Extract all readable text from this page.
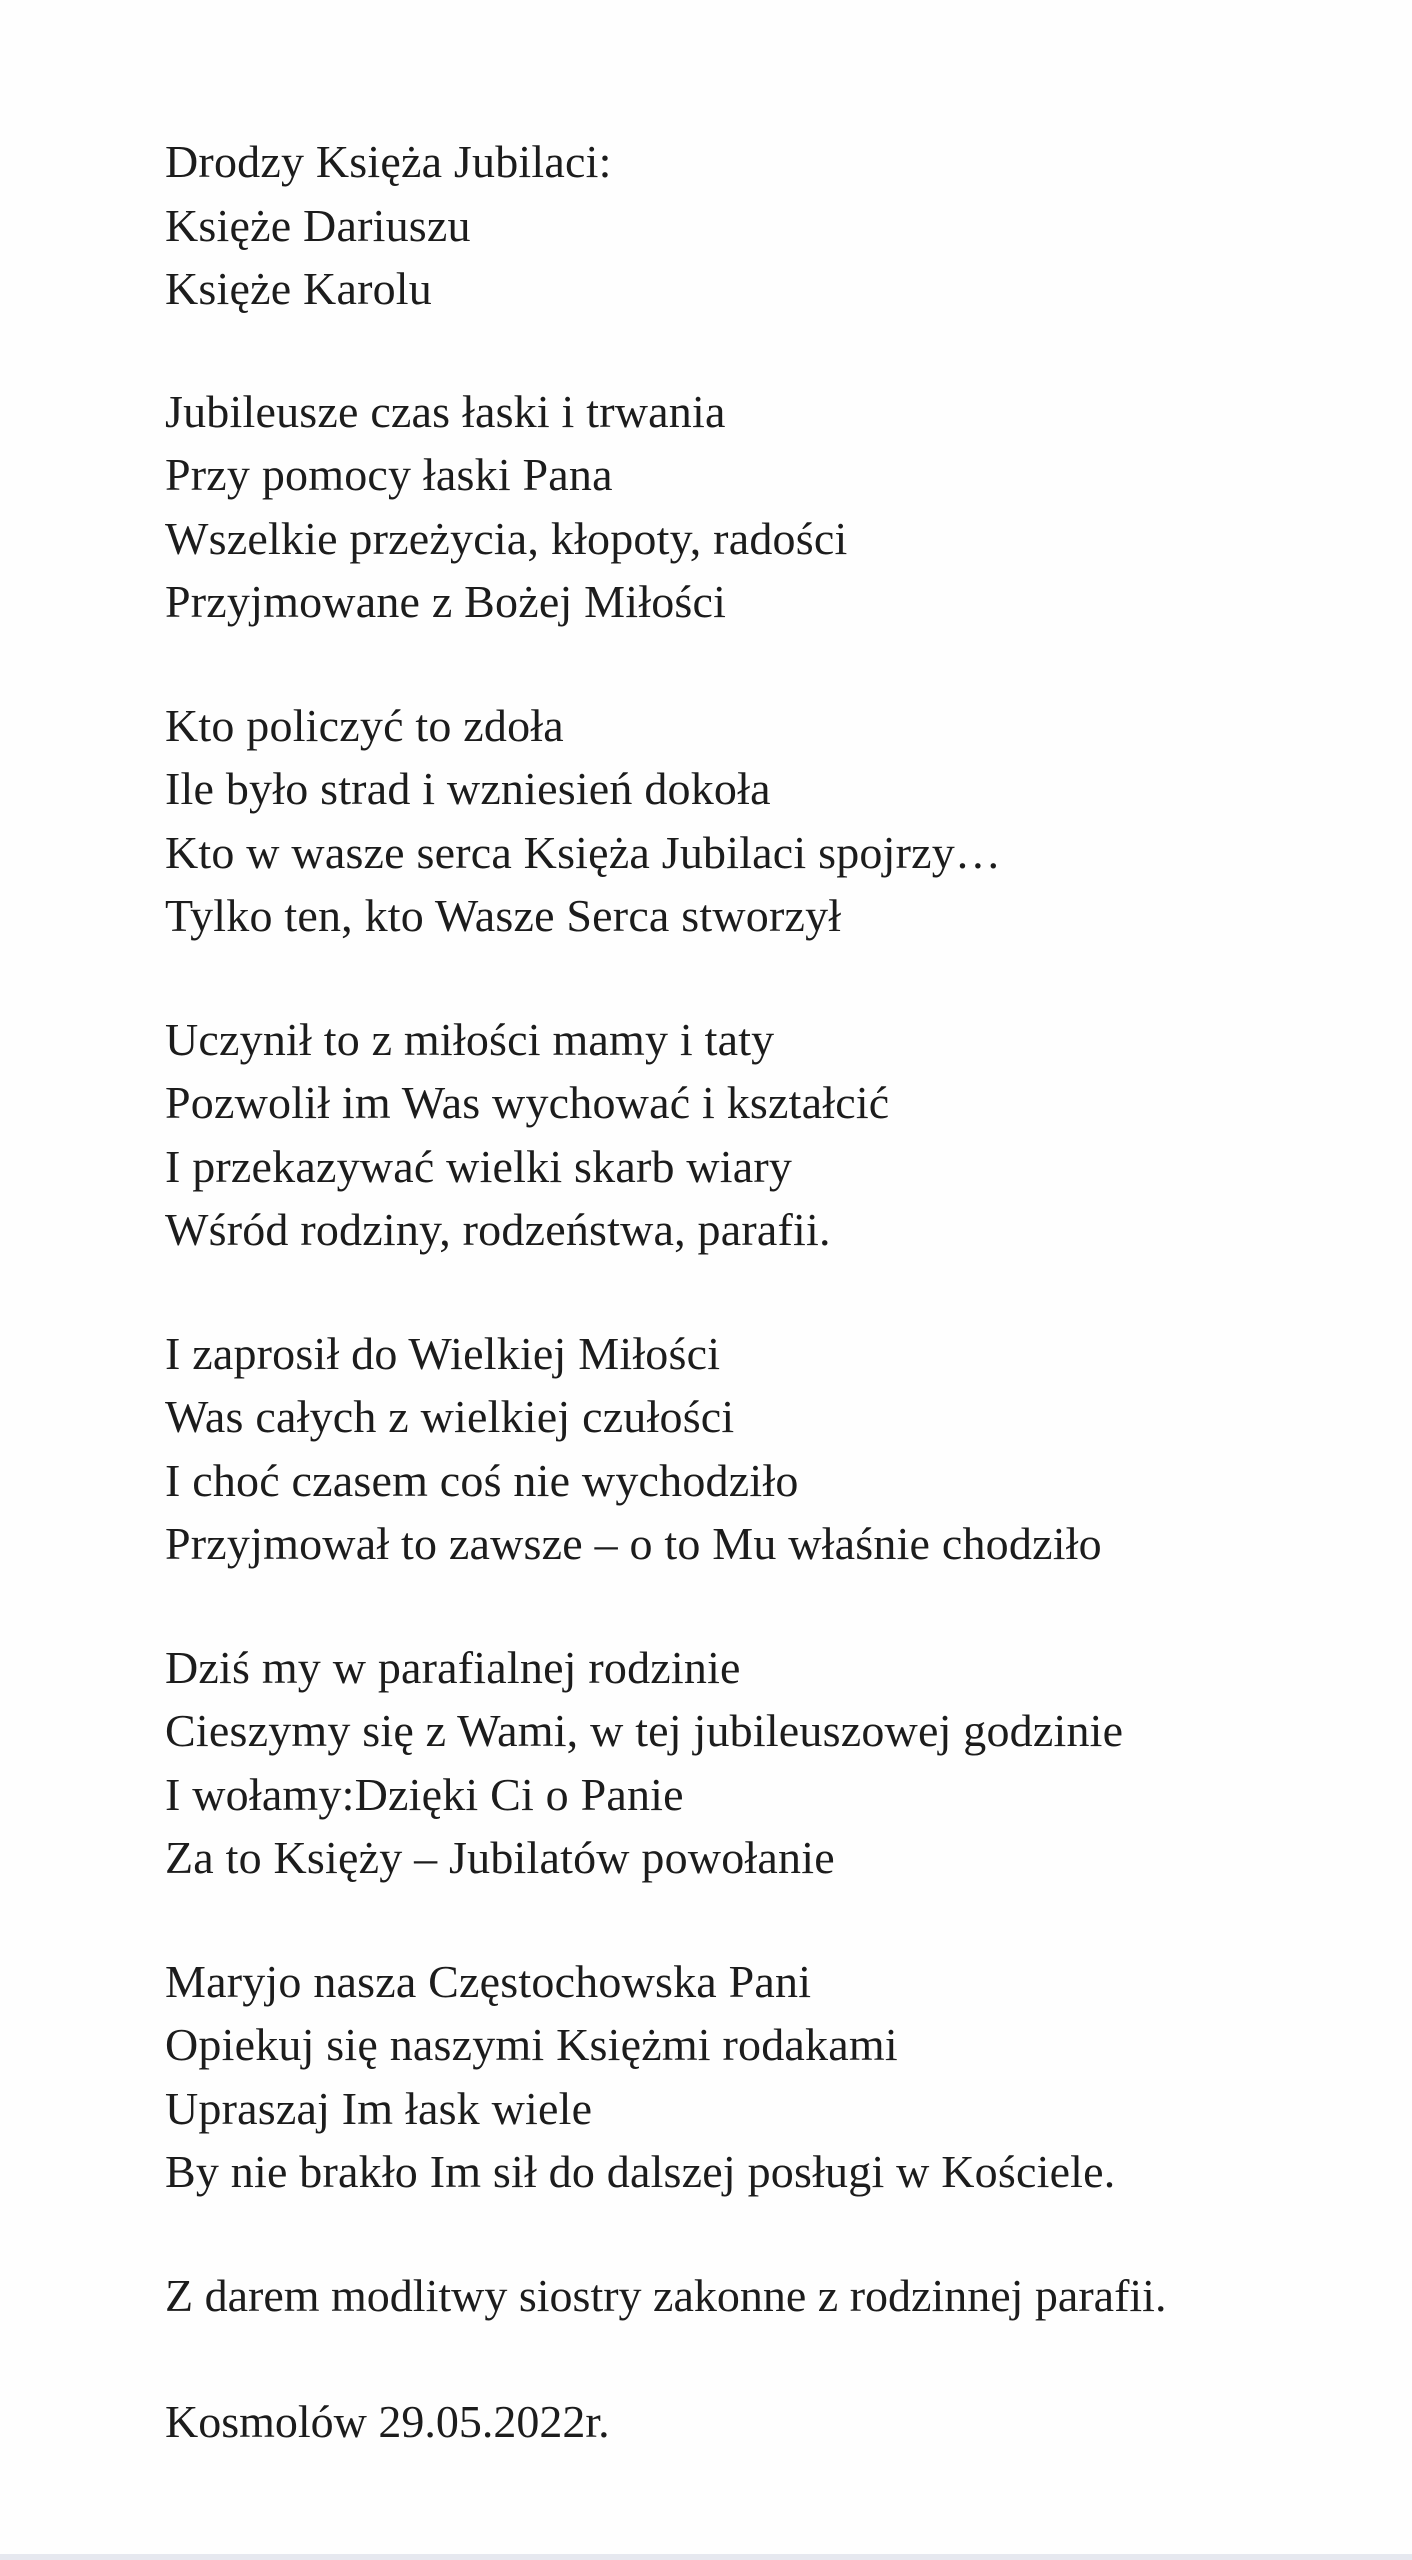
Drodzy Księża Jubilaci:
Księże Dariuszu
Księże Karolu
Jubileusze czas łaski i trwania
Przy pomocy łaski Pana
Wszelkie przeżycia, kłopoty, radości
Przyjmowane z Bożej Miłości
Kto policzyć to zdoła
Ile było strad i wzniesień dokoła
Kto w wasze serca Księża Jubilaci spojrzy…
Tylko ten, kto Wasze Serca stworzył
Uczynił to z miłości mamy i taty
Pozwolił im Was wychować i kształcić
I przekazywać wielki skarb wiary
Wśród rodziny, rodzeństwa, parafii.
I zaprosił do Wielkiej Miłości
Was całych z wielkiej czułości
I choć czasem coś nie wychodziło
Przyjmował to zawsze – o to Mu właśnie chodziło
Dziś my w parafialnej rodzinie
Cieszymy się z Wami, w tej jubileuszowej godzinie
I wołamy:Dzięki Ci o Panie
Za to Księży – Jubilatów powołanie
Maryjo nasza Częstochowska Pani
Opiekuj się naszymi Księżmi rodakami
Upraszaj Im łask wiele
By nie brakło Im sił do dalszej posługi w Kościele.

Z darem modlitwy siostry zakonne z rodzinnej parafii.

Kosmolów 29.05.2022r.
